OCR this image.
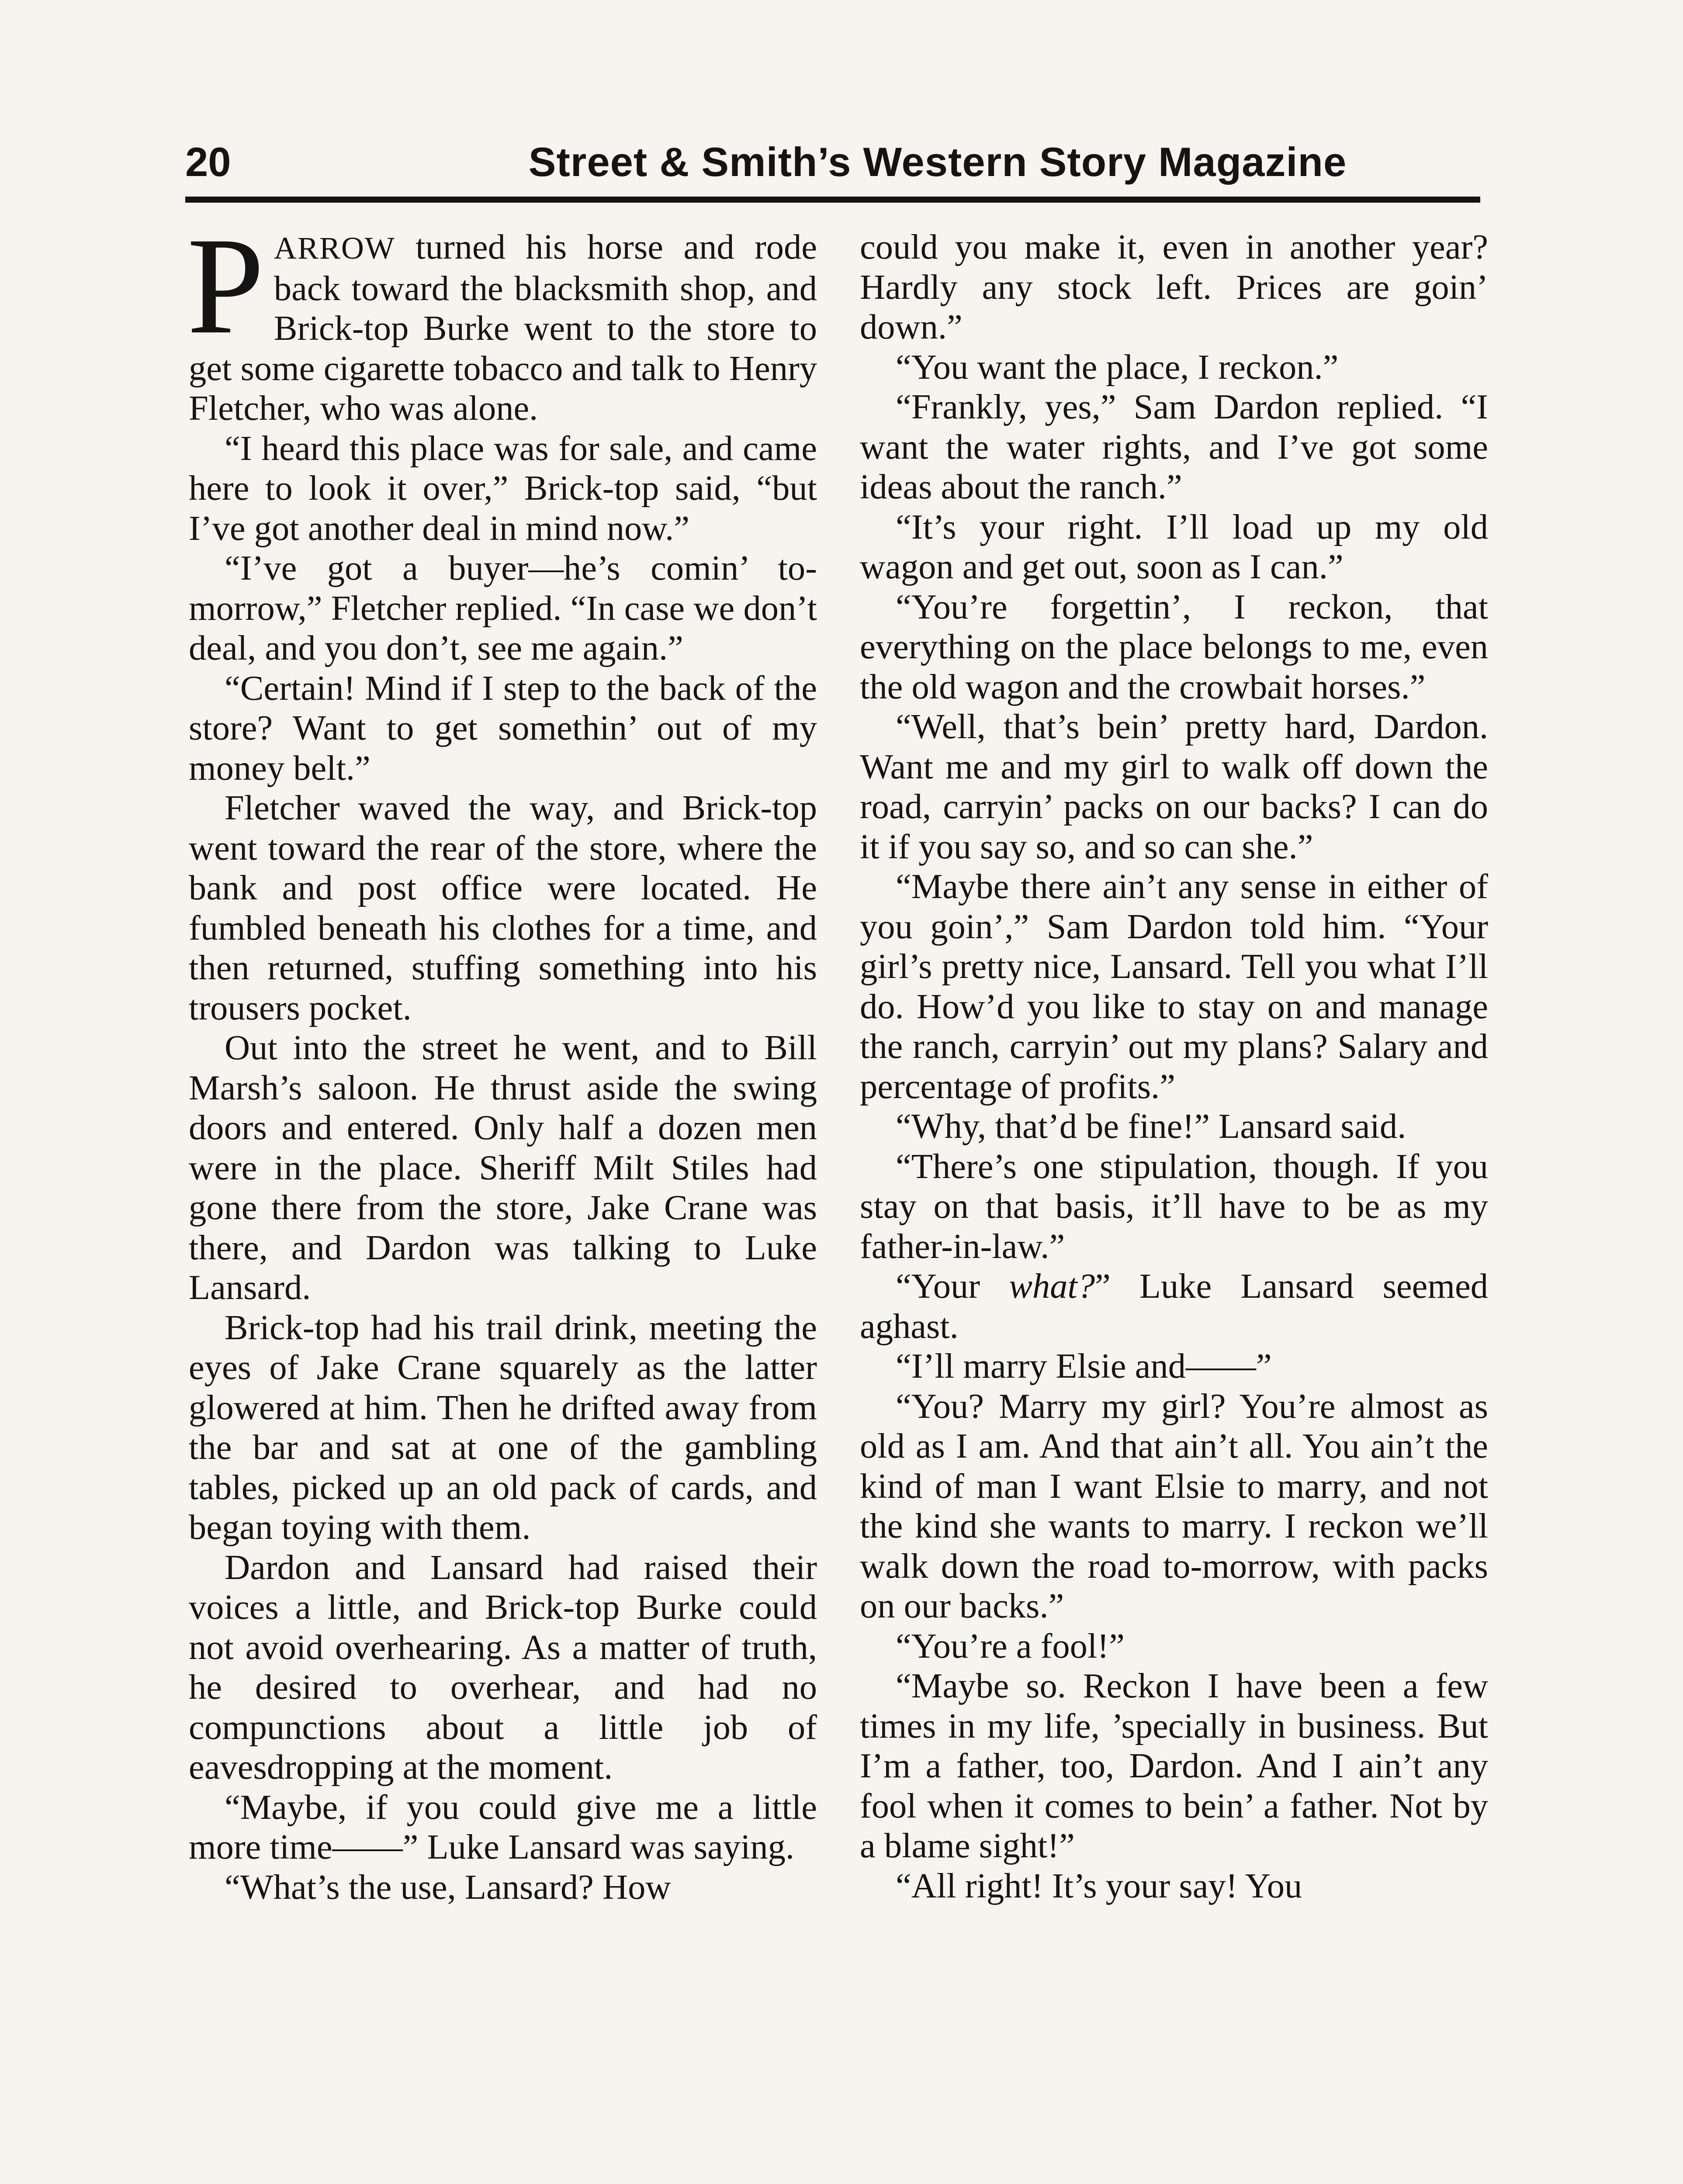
20	Street & Smith’s Western Story Magazine

PARROW turned his horse and rode back toward the blacksmith shop, and Brick-top Burke went to the store to get some cigarette tobacco and talk to Henry Fletcher, who was alone.

“I heard this place was for sale, and came here to look it over,” Brick-top said, “but I’ve got another deal in mind now.”

“I’ve got a buyer—he’s comin’ to-morrow,” Fletcher replied. “In case we don’t deal, and you don’t, see me again.”

“Certain! Mind if I step to the back of the store? Want to get somethin’ out of my money belt.”

Fletcher waved the way, and Brick-top went toward the rear of the store, where the bank and post office were located. He fumbled beneath his clothes for a time, and then returned, stuffing something into his trousers pocket.

Out into the street he went, and to Bill Marsh’s saloon. He thrust aside the swing doors and entered. Only half a dozen men were in the place. Sheriff Milt Stiles had gone there from the store, Jake Crane was there, and Dardon was talking to Luke Lansard.

Brick-top had his trail drink, meeting the eyes of Jake Crane squarely as the latter glowered at him. Then he drifted away from the bar and sat at one of the gambling tables, picked up an old pack of cards, and began toying with them.

Dardon and Lansard had raised their voices a little, and Brick-top Burke could not avoid overhearing. As a matter of truth, he desired to overhear, and had no compunctions about a little job of eavesdropping at the moment.

“Maybe, if you could give me a little more time——” Luke Lansard was saying.

“What’s the use, Lansard? How

could you make it, even in another year? Hardly any stock left. Prices are goin’ down.”

“You want the place, I reckon.”

“Frankly, yes,” Sam Dardon replied. “I want the water rights, and I’ve got some ideas about the ranch.”

“It’s your right. I’ll load up my old wagon and get out, soon as I can.”

“You’re forgettin’, I reckon, that everything on the place belongs to me, even the old wagon and the crowbait horses.”

“Well, that’s bein’ pretty hard, Dardon. Want me and my girl to walk off down the road, carryin’ packs on our backs? I can do it if you say so, and so can she.”

“Maybe there ain’t any sense in either of you goin’,” Sam Dardon told him. “Your girl’s pretty nice, Lansard. Tell you what I’ll do. How’d you like to stay on and manage the ranch, carryin’ out my plans? Salary and percentage of profits.”

“Why, that’d be fine!” Lansard said.

“There’s one stipulation, though. If you stay on that basis, it’ll have to be as my father-in-law.”

“Your what?” Luke Lansard seemed aghast.

“I’ll marry Elsie and——”

“You? Marry my girl? You’re almost as old as I am. And that ain’t all. You ain’t the kind of man I want Elsie to marry, and not the kind she wants to marry. I reckon we’ll walk down the road to-morrow, with packs on our backs.”

“You’re a fool!”

“Maybe so. Reckon I have been a few times in my life, ’specially in business. But I’m a father, too, Dardon. And I ain’t any fool when it comes to bein’ a father. Not by a blame sight!”

“All right! It’s your say! You
